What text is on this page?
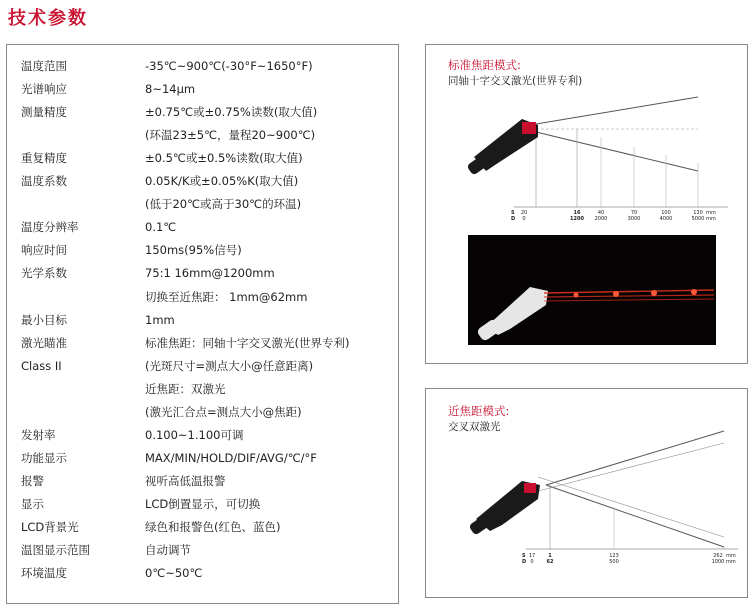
技术参数
温度范围	-35℃~900℃(-30°F~1650°F)
光谱响应	8~14μm
测量精度	±0.75℃或±0.75%读数(取大值)
(环温23±5℃，量程20~900℃)
重复精度	±0.5℃或±0.5%读数(取大值)
温度系数	0.05K/K或±0.05%K(取大值)
(低于20℃或高于30℃的环温)
温度分辨率	0.1℃
响应时间	150ms(95%信号)
光学系数	75:1 16mm@1200mm
切换至近焦距： 1mm@62mm
最小目标	1mm
激光瞄准	标准焦距：同轴十字交叉激光(世界专利)
Class II	(光斑尺寸=测点大小@任意距离)
近焦距：双激光
(激光汇合点=测点大小@焦距)
发射率	0.100~1.100可调
功能显示	MAX/MIN/HOLD/DIF/AVG/℃/°F
报警	视听高低温报警
显示	LCD倒置显示，可切换
LCD背景光	绿色和报警色(红色、蓝色)
温图显示范围	自动调节
环境温度	0℃~50℃
标准焦距模式:
同轴十字交叉激光(世界专利)
S
D
20	16	40	70	100	130 mm
0	1200 2000	3000	4000	5000 mm
近焦距模式:
交叉双激光
S
D
17	1	123	262 mm
0	62	500	1000 mm
